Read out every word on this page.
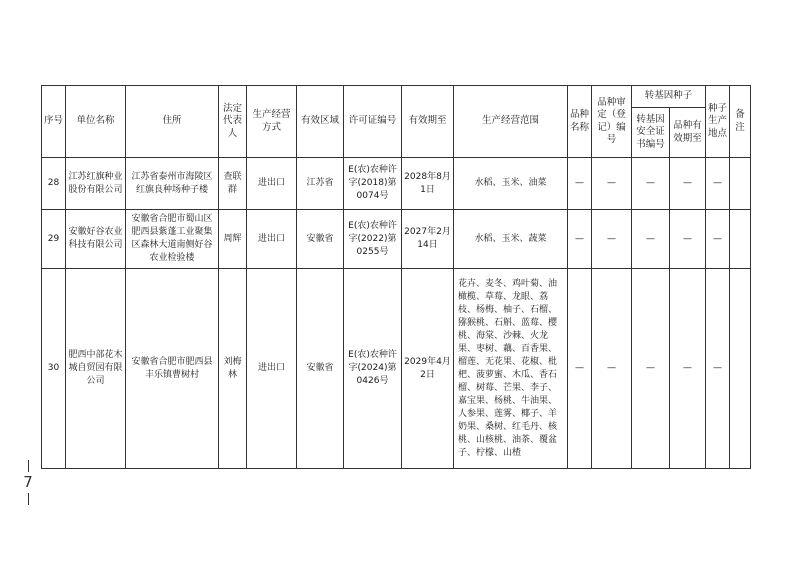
序号	单位名称	住所	法定代表人	生产经营方式	有效区域	许可证编号	有效期至	生产经营范围	品种名称	品种审定（登记）编号	转基因种子		种子生产地点	备注
											转基因安全证书编号	品种有效期至		
28	江苏红旗种业股份有限公司	江苏省泰州市海陵区红旗良种场种子楼	查联群	进出口	江苏省	E(农)农种许字(2018)第0074号	2028年8月1日	水稻、玉米、油菜	—	—	—	—	—	
29	安徽好谷农业科技有限公司	安徽省合肥市蜀山区肥西县紫蓬工业聚集区森林大道南侧好谷农业检验楼	周辉	进出口	安徽省	E(农)农种许字(2022)第0255号	2027年2月14日	水稻、玉米、蔬菜	—	—	—	—	—	
30	肥西中部花木城自贸园有限公司	安徽省合肥市肥西县丰乐镇曹树村	刘梅林	进出口	安徽省	E(农)农种许字(2024)第0426号	2029年4月2日	花卉、麦冬、鸡叶菊、油橄榄、草莓、龙眼、荔枝、杨梅、柚子、石榴、猕猴桃、石斛、蓝莓、樱桃、海棠、沙棘、火龙果、枣树、藕、百香果、榴莲、无花果、花椒、枇杷、菠萝蜜、木瓜、香石榴、树莓、芒果、李子、嘉宝果、杨桃、牛油果、人参果、莲雾、椰子、羊奶果、桑树、红毛丹、核桃、山核桃、油茶、覆盆子、柠檬、山楂	—	—	—	—	—	
7
